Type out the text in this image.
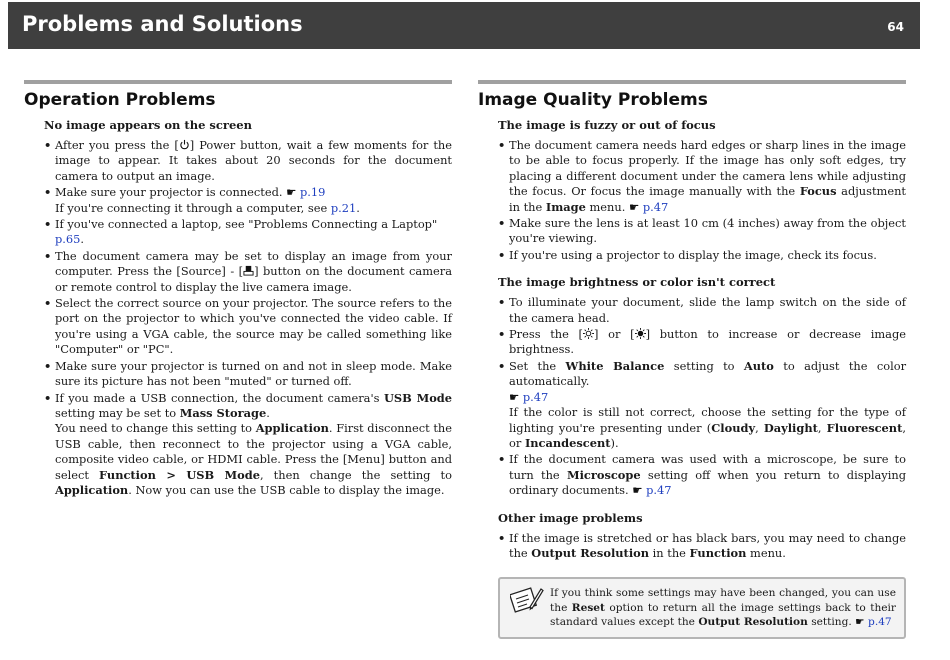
Problems and Solutions	64
Operation Problems
No image appears on the screen
• After you press the [ ] Power button, wait a few moments for the image to appear. It takes about 20 seconds for the document camera to output an image.
• Make sure your projector is connected. ☛ p.19
If you're connecting it through a computer, see p.21.
• If you've connected a laptop, see "Problems Connecting a Laptop"
p.65.
• The document camera may be set to display an image from your computer. Press the [Source] - [ ] button on the document camera or remote control to display the live camera image.
• Select the correct source on your projector. The source refers to the port on the projector to which you've connected the video cable. If you're using a VGA cable, the source may be called something like "Computer" or "PC".
• Make sure your projector is turned on and not in sleep mode. Make sure its picture has not been "muted" or turned off.
• If you made a USB connection, the document camera's USB Mode setting may be set to Mass Storage.
You need to change this setting to Application. First disconnect the USB cable, then reconnect to the projector using a VGA cable, composite video cable, or HDMI cable. Press the [Menu] button and select Function > USB Mode, then change the setting to Application. Now you can use the USB cable to display the image.
Image Quality Problems
The image is fuzzy or out of focus
• The document camera needs hard edges or sharp lines in the image to be able to focus properly. If the image has only soft edges, try placing a different document under the camera lens while adjusting the focus. Or focus the image manually with the Focus adjustment in the Image menu. ☛ p.47
• Make sure the lens is at least 10 cm (4 inches) away from the object you're viewing.
• If you're using a projector to display the image, check its focus.
The image brightness or color isn't correct
• To illuminate your document, slide the lamp switch on the side of the camera head.
• Press the [ ] or [ ] button to increase or decrease image brightness.
• Set the White Balance setting to Auto to adjust the color automatically.
☛ p.47
If the color is still not correct, choose the setting for the type of lighting you're presenting under (Cloudy, Daylight, Fluorescent, or Incandescent).
• If the document camera was used with a microscope, be sure to turn the Microscope setting off when you return to displaying ordinary documents. ☛ p.47
Other image problems
• If the image is stretched or has black bars, you may need to change the Output Resolution in the Function menu.

If you think some settings may have been changed, you can use the Reset option to return all the image settings back to their standard values except the Output Resolution setting. ☛ p.47
